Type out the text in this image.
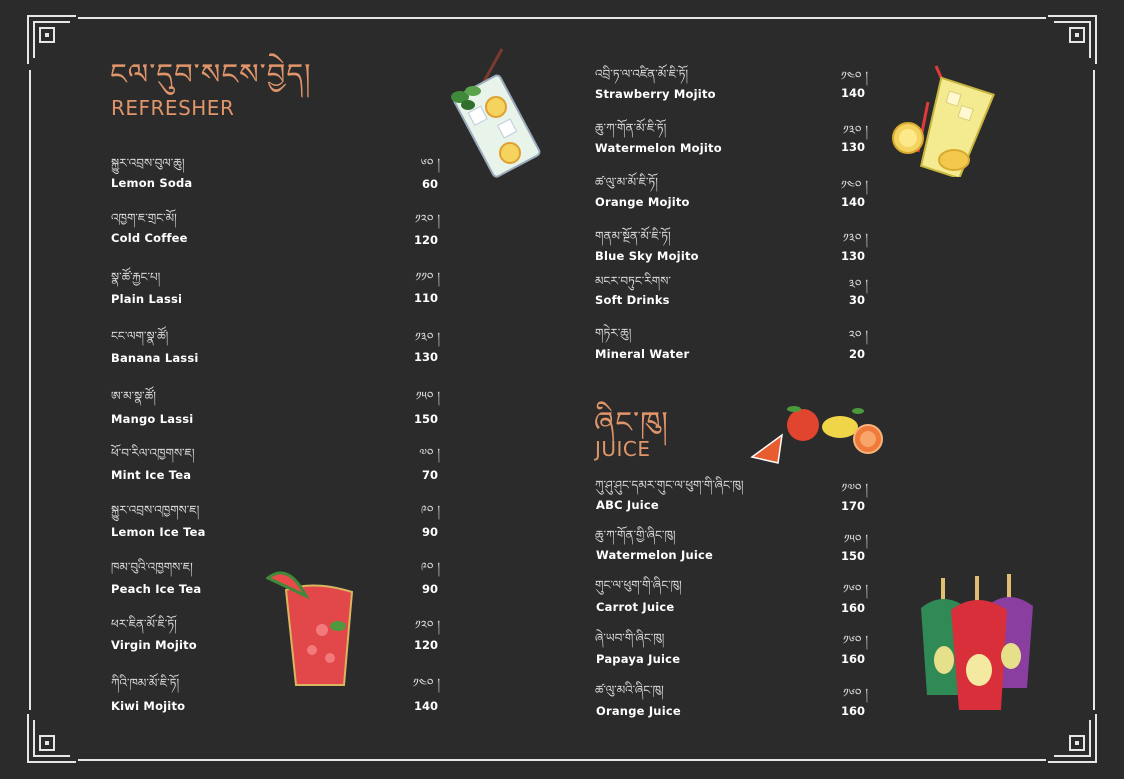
ངལ་དུབ་སངས་བྱེད།
REFRESHER
སྐྱུར་འབྲས་བུལ་ཆུ།
Lemon Soda
༦༠ །
60
འཁྱག་ཇ་གྲང་མོ།
Cold Coffee
༡༢༠ །
120
སྣ་ཚོ་རྐྱང་པ།
Plain Lassi
༡༡༠ །
110
ངང་ལག་སྣ་ཚོ།
Banana Lassi
༡༣༠ །
130
ཨ་མ་སྣ་ཚོ།
Mango Lassi
༡༥༠ །
150
ཕོ་བ་རིལ་འཁྱགས་ཇ།
Mint Ice Tea
༧༠ །
70
སྐྱུར་འབྲས་འཁྱགས་ཇ།
Lemon Ice Tea
༩༠ །
90
ཁམ་བུའི་འཁྱགས་ཇ།
Peach Ice Tea
༩༠ །
90
ཕར་ཇིན་མོ་ཇི་ཏོ།
Virgin Mojito
༡༢༠ །
120
ཀིའི་ཁམ་མོ་ཇི་ཏོ།
Kiwi Mojito
༡༤༠ །
140
འབྲི་ཏ་ལ་འཛིན་མོ་ཇི་ཏོ།
Strawberry Mojito
༡༤༠ །
140
ཆུ་ཀ་གོན་མོ་ཇི་ཏོ།
Watermelon Mojito
༡༣༠ །
130
ཚ་ལུ་མ་མོ་ཇི་ཏོ།
Orange Mojito
༡༤༠ །
140
གནམ་སྔོན་མོ་ཇི་ཏོ།
Blue Sky Mojito
༡༣༠ །
130
མངར་བཏུང་རིགས་
Soft Drinks
༣༠ །
30
གཏེར་ཆུ།
Mineral Water
༢༠ །
20
ཞིང་ཁུ།
JUICE
ཀུ་ཤུ་ཤུང་དམར་གུང་ལ་ཕུག་གི་ཞིང་ཁུ།
ABC Juice
༡༧༠ །
170
ཆུ་ཀ་གོན་གྱི་ཞིང་ཁུ།
Watermelon Juice
༡༥༠ །
150
གུང་ལ་ཕུག་གི་ཞིང་ཁུ།
Carrot Juice
༡༦༠ །
160
ཞེ་ཡབ་གི་ཞིང་ཁུ།
Papaya Juice
༡༦༠ །
160
ཚ་ལུ་མའི་ཞིང་ཁུ།
Orange Juice
༡༦༠ །
160
